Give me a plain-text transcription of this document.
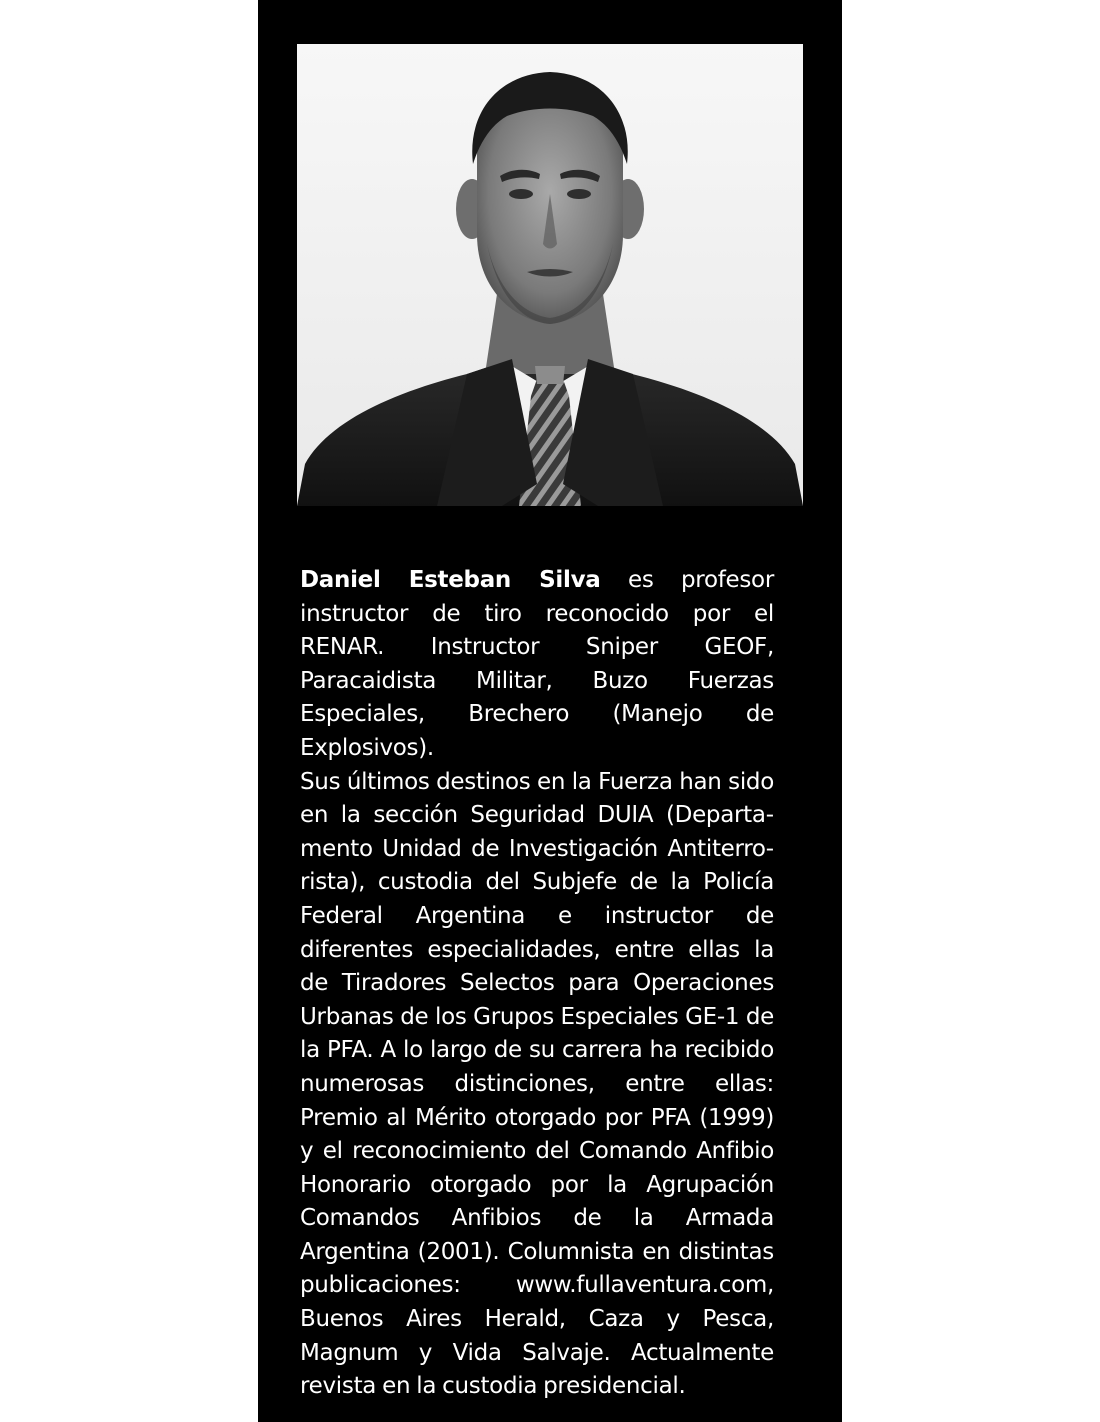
Daniel Esteban Silva es profesor instructor de tiro reconocido por el RENAR. Instructor Sniper GEOF, Paracaidista Militar, Buzo Fuerzas Especiales, Brechero (Manejo de Explosivos).
Sus últimos destinos en la Fuerza han sido en la sección Seguridad DUIA (Departamento Unidad de Investigación Antiterrorista), custodia del Subjefe de la Policía Federal Argentina e instructor de diferentes especialidades, entre ellas la de Tiradores Selectos para Operaciones Urbanas de los Grupos Especiales GE-1 de la PFA. A lo largo de su carrera ha recibido numerosas distinciones, entre ellas: Premio al Mérito otorgado por PFA (1999) y el reconocimiento del Comando Anfibio Honorario otorgado por la Agrupación Comandos Anfibios de la Armada Argentina (2001). Columnista en distintas publicaciones: www.fullaventura.com, Buenos Aires Herald, Caza y Pesca, Magnum y Vida Salvaje. Actualmente revista en la custodia presidencial.
